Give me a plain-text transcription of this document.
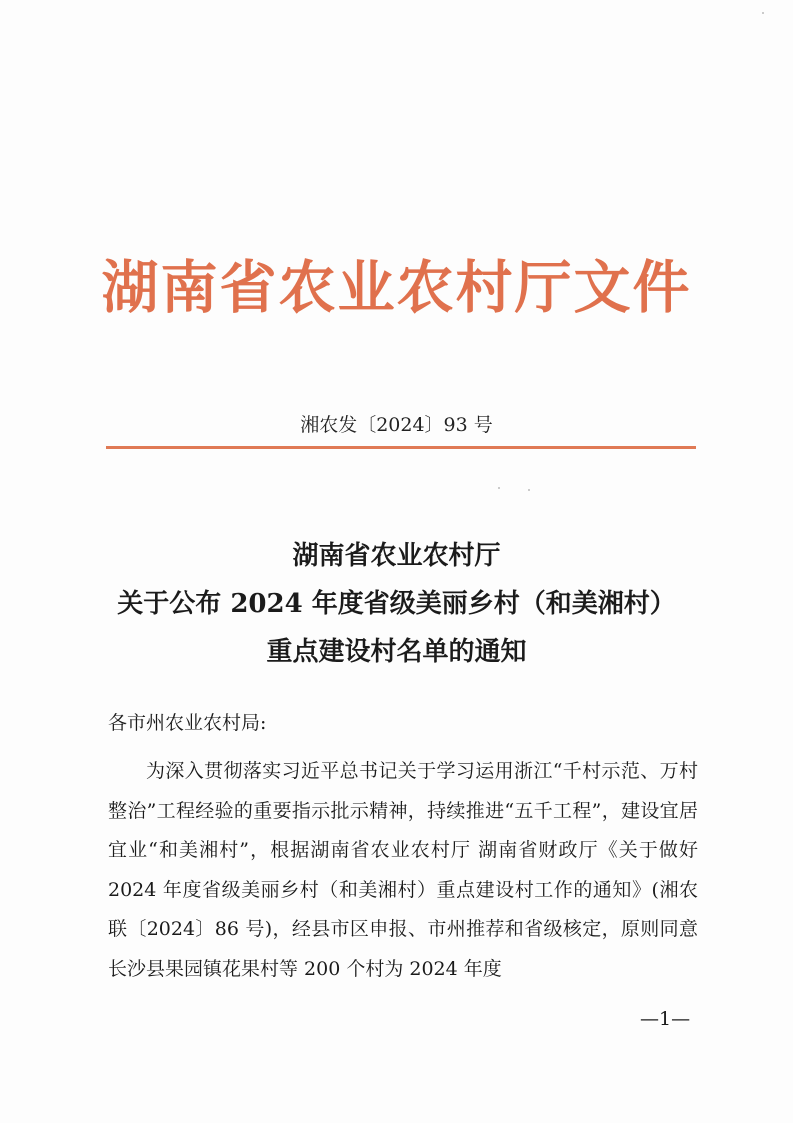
湖南省农业农村厅文件
湘农发〔2024〕93 号
湖南省农业农村厅
关于公布 2024 年度省级美丽乡村（和美湘村）
重点建设村名单的通知
各市州农业农村局:

为深入贯彻落实习近平总书记关于学习运用浙江“千村示范、万村整治”工程经验的重要指示批示精神，持续推进“五千工程”，建设宜居宜业“和美湘村”，根据湖南省农业农村厅 湖南省财政厅《关于做好 2024 年度省级美丽乡村（和美湘村）重点建设村工作的通知》(湘农联〔2024〕86 号)，经县市区申报、市州推荐和省级核定，原则同意长沙县果园镇花果村等 200 个村为 2024 年度

—1—
